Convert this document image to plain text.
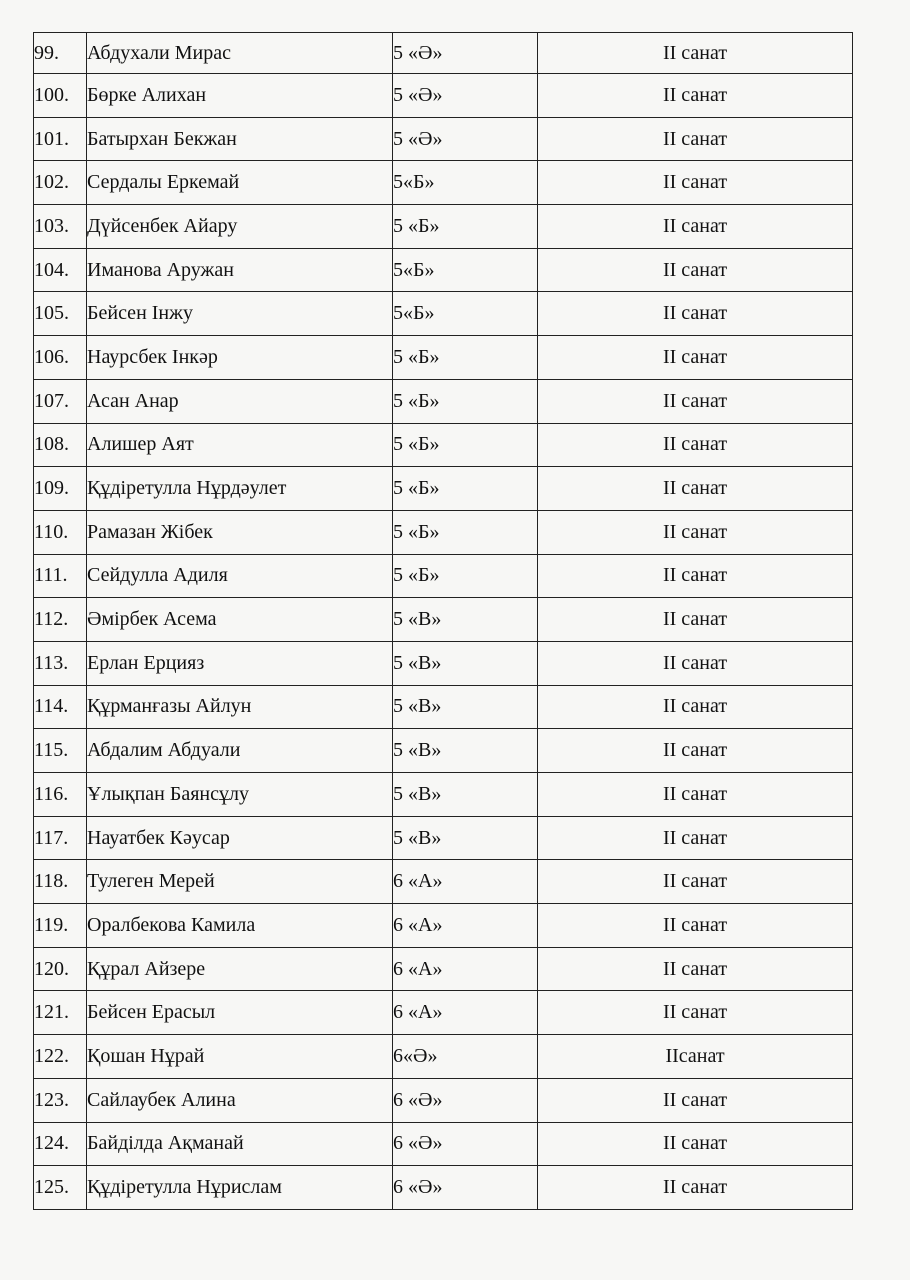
99.	Абдухали Мирас	5 «Ә»	II санат
100.	Бөрке Алихан	5 «Ә»	II санат
101.	Батырхан Бекжан	5 «Ә»	II санат
102.	Сердалы Еркемай	5«Б»	II санат
103.	Дүйсенбек Айару	5 «Б»	II санат
104.	Иманова Аружан	5«Б»	II санат
105.	Бейсен Інжу	5«Б»	II санат
106.	Наурсбек Інкәр	5 «Б»	II санат
107.	Асан Анар	5 «Б»	II санат
108.	Алишер Аят	5 «Б»	II санат
109.	Құдіретулла Нұрдәулет	5 «Б»	II санат
110.	Рамазан Жібек	5 «Б»	II санат
111.	Сейдулла Адиля	5 «Б»	II санат
112.	Әмірбек Асема	5 «В»	II санат
113.	Ерлан Ерцияз	5 «В»	II санат
114.	Құрманғазы Айлун	5 «В»	II санат
115.	Абдалим Абдуали	5 «В»	II санат
116.	Ұлықпан Баянсұлу	5 «В»	II санат
117.	Науатбек Кәусар	5 «В»	II санат
118.	Тулеген Мерей	6 «А»	II санат
119.	Оралбекова Камила	6 «А»	II санат
120.	Құрал Айзере	6 «А»	II санат
121.	Бейсен Ерасыл	6 «А»	II санат
122.	Қошан Нұрай	6«Ә»	IIсанат
123.	Сайлаубек Алина	6 «Ә»	II санат
124.	Байділда Ақманай	6 «Ә»	II санат
125.	Құдіретулла Нұрислам	6 «Ә»	II санат
